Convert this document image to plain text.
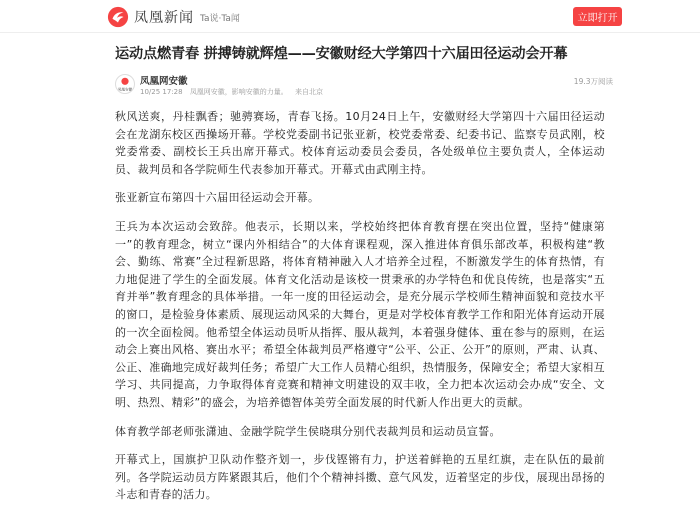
凤凰新闻 Ta说·Ta闻	立即打开
运动点燃青春 拼搏铸就辉煌——安徽财经大学第四十六届田径运动会开幕
凤凰安徽
凤凰网安徽
10/25 17:28 凤凰网安徽，影响安徽的力量。 来自北京
19.3万阅读

秋风送爽，丹桂飘香；驰骋赛场，青春飞扬。10月24日上午，安徽财经大学第四十六届田径运动会在龙湖东校区西操场开幕。学校党委副书记张亚新，校党委常委、纪委书记、监察专员武刚，校党委常委、副校长王兵出席开幕式。校体育运动委员会委员，各处级单位主要负责人，全体运动员、裁判员和各学院师生代表参加开幕式。开幕式由武刚主持。

张亚新宣布第四十六届田径运动会开幕。

王兵为本次运动会致辞。他表示，长期以来，学校始终把体育教育摆在突出位置，坚持“健康第一”的教育理念，树立“课内外相结合”的大体育课程观，深入推进体育俱乐部改革，积极构建“教会、勤练、常赛”全过程新思路，将体育精神融入人才培养全过程，不断激发学生的体育热情，有力地促进了学生的全面发展。体育文化活动是该校一贯秉承的办学特色和优良传统，也是落实“五育并举”教育理念的具体举措。一年一度的田径运动会，是充分展示学校师生精神面貌和竞技水平的窗口，是检验身体素质、展现运动风采的大舞台，更是对学校体育教学工作和阳光体育运动开展的一次全面检阅。他希望全体运动员听从指挥、服从裁判，本着强身健体、重在参与的原则，在运动会上赛出风格、赛出水平；希望全体裁判员严格遵守“公平、公正、公开”的原则，严肃、认真、公正、准确地完成好裁判任务；希望广大工作人员精心组织，热情服务，保障安全；希望大家相互学习、共同提高，力争取得体育竞赛和精神文明建设的双丰收，全力把本次运动会办成“安全、文明、热烈、精彩”的盛会，为培养德智体美劳全面发展的时代新人作出更大的贡献。

体育教学部老师张潇迪、金融学院学生侯晓琪分别代表裁判员和运动员宣誓。

开幕式上，国旗护卫队动作整齐划一，步伐铿锵有力，护送着鲜艳的五星红旗，走在队伍的最前列。各学院运动员方阵紧跟其后，他们个个精神抖擞、意气风发，迈着坚定的步伐，展现出昂扬的斗志和青春的活力。
